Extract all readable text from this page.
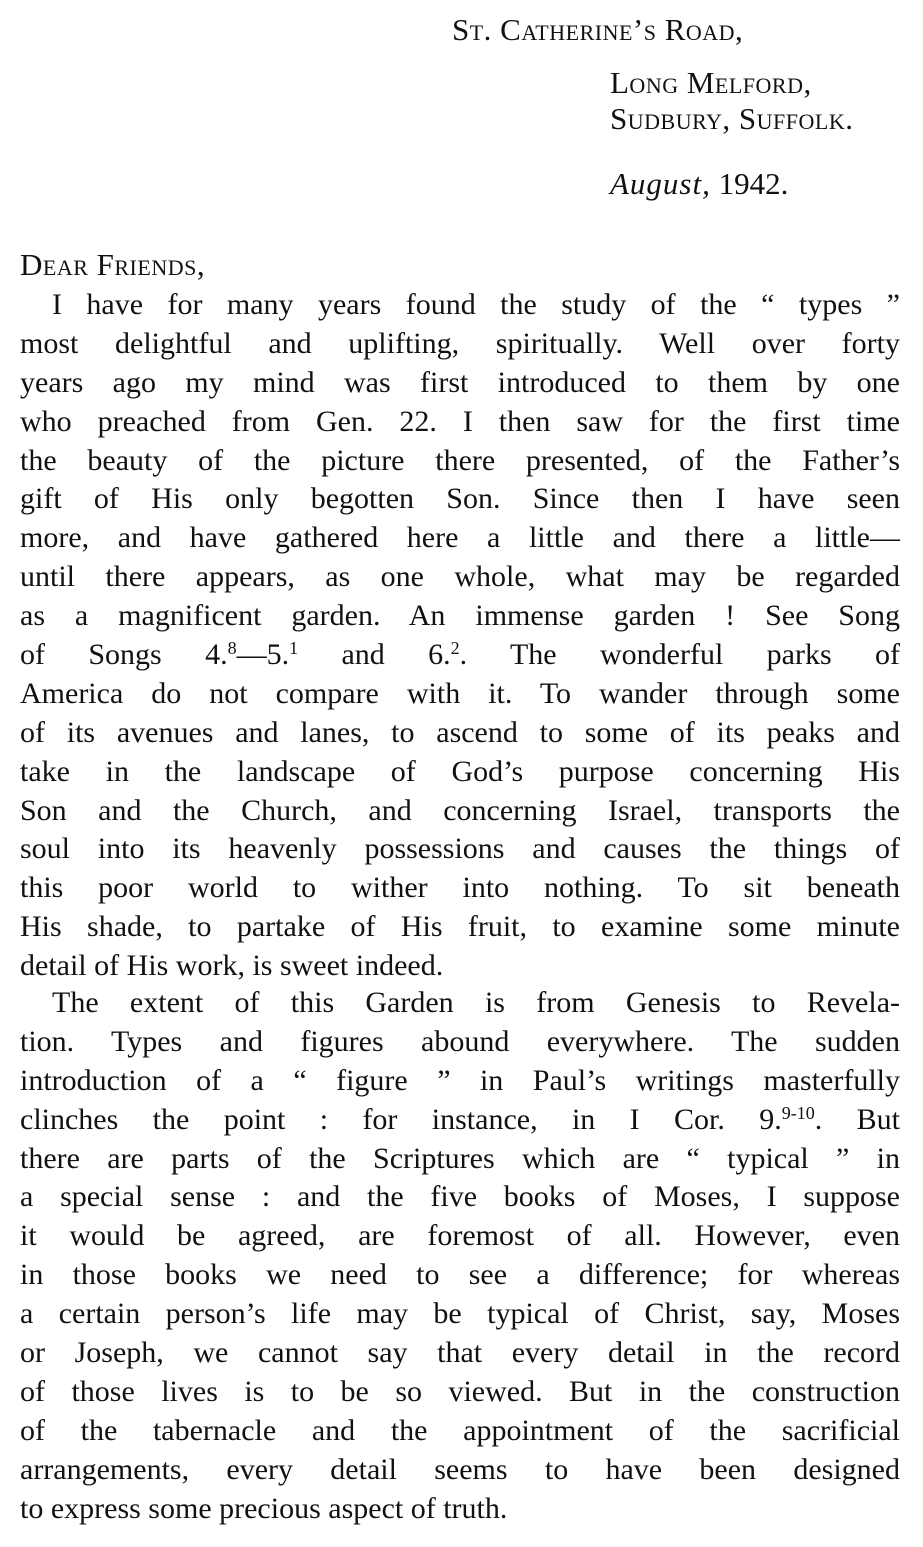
St. Catherine’s Road,
Long Melford,
Sudbury, Suffolk.
August, 1942.
Dear Friends,
I have for many years found the study of the “ types ”
most delightful and uplifting, spiritually. Well over forty
years ago my mind was first introduced to them by one
who preached from Gen. 22. I then saw for the first time
the beauty of the picture there presented, of the Father’s
gift of His only begotten Son. Since then I have seen
more, and have gathered here a little and there a little—
until there appears, as one whole, what may be regarded
as a magnificent garden. An immense garden ! See Song
of Songs 4.$^8$—5.$^1$ and 6.$^2$. The wonderful parks of
America do not compare with it. To wander through some
of its avenues and lanes, to ascend to some of its peaks and
take in the landscape of God’s purpose concerning His
Son and the Church, and concerning Israel, transports the
soul into its heavenly possessions and causes the things of
this poor world to wither into nothing. To sit beneath
His shade, to partake of His fruit, to examine some minute
detail of His work, is sweet indeed.
The extent of this Garden is from Genesis to Revela-
tion. Types and figures abound everywhere. The sudden
introduction of a “ figure ” in Paul’s writings masterfully
clinches the point : for instance, in I Cor. 9.$^{9-10}$. But
there are parts of the Scriptures which are “ typical ” in
a special sense : and the five books of Moses, I suppose
it would be agreed, are foremost of all. However, even
in those books we need to see a difference; for whereas
a certain person’s life may be typical of Christ, say, Moses
or Joseph, we cannot say that every detail in the record
of those lives is to be so viewed. But in the construction
of the tabernacle and the appointment of the sacrificial
arrangements, every detail seems to have been designed
to express some precious aspect of truth.
